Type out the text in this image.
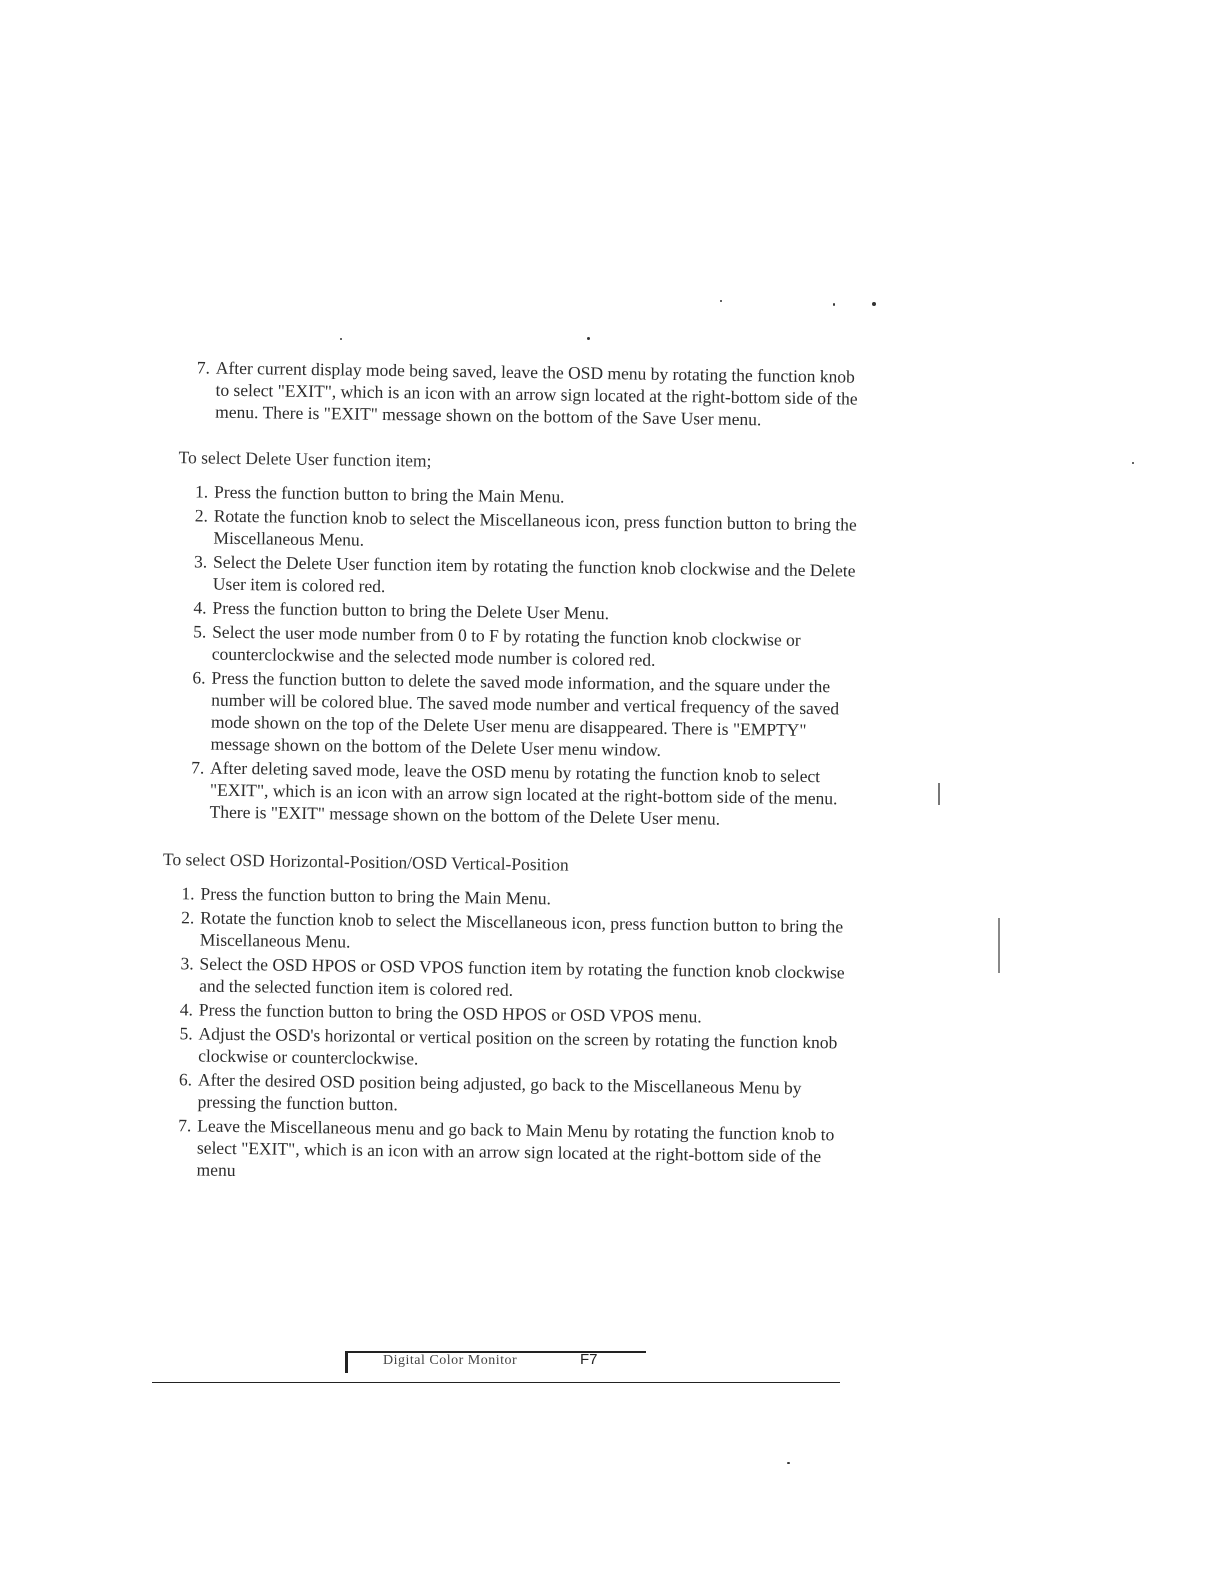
7. After current display mode being saved, leave the OSD menu by rotating the function knob to select "EXIT", which is an icon with an arrow sign located at the right-bottom side of the menu. There is "EXIT" message shown on the bottom of the Save User menu.
To select Delete User function item;
1. Press the function button to bring the Main Menu.
2. Rotate the function knob to select the Miscellaneous icon, press function button to bring the Miscellaneous Menu.
3. Select the Delete User function item by rotating the function knob clockwise and the Delete User item is colored red.
4. Press the function button to bring the Delete User Menu.
5. Select the user mode number from 0 to F by rotating the function knob clockwise or counterclockwise and the selected mode number is colored red.
6. Press the function button to delete the saved mode information, and the square under the number will be colored blue. The saved mode number and vertical frequency of the saved mode shown on the top of the Delete User menu are disappeared. There is "EMPTY" message shown on the bottom of the Delete User menu window.
7. After deleting saved mode, leave the OSD menu by rotating the function knob to select "EXIT", which is an icon with an arrow sign located at the right-bottom side of the menu. There is "EXIT" message shown on the bottom of the Delete User menu.
To select OSD Horizontal-Position/OSD Vertical-Position
1. Press the function button to bring the Main Menu.
2. Rotate the function knob to select the Miscellaneous icon, press function button to bring the Miscellaneous Menu.
3. Select the OSD HPOS or OSD VPOS function item by rotating the function knob clockwise and the selected function item is colored red.
4. Press the function button to bring the OSD HPOS or OSD VPOS menu.
5. Adjust the OSD's horizontal or vertical position on the screen by rotating the function knob clockwise or counterclockwise.
6. After the desired OSD position being adjusted, go back to the Miscellaneous Menu by pressing the function button.
7. Leave the Miscellaneous menu and go back to Main Menu by rotating the function knob to select "EXIT", which is an icon with an arrow sign located at the right-bottom side of the menu
Digital Color Monitor	F7
